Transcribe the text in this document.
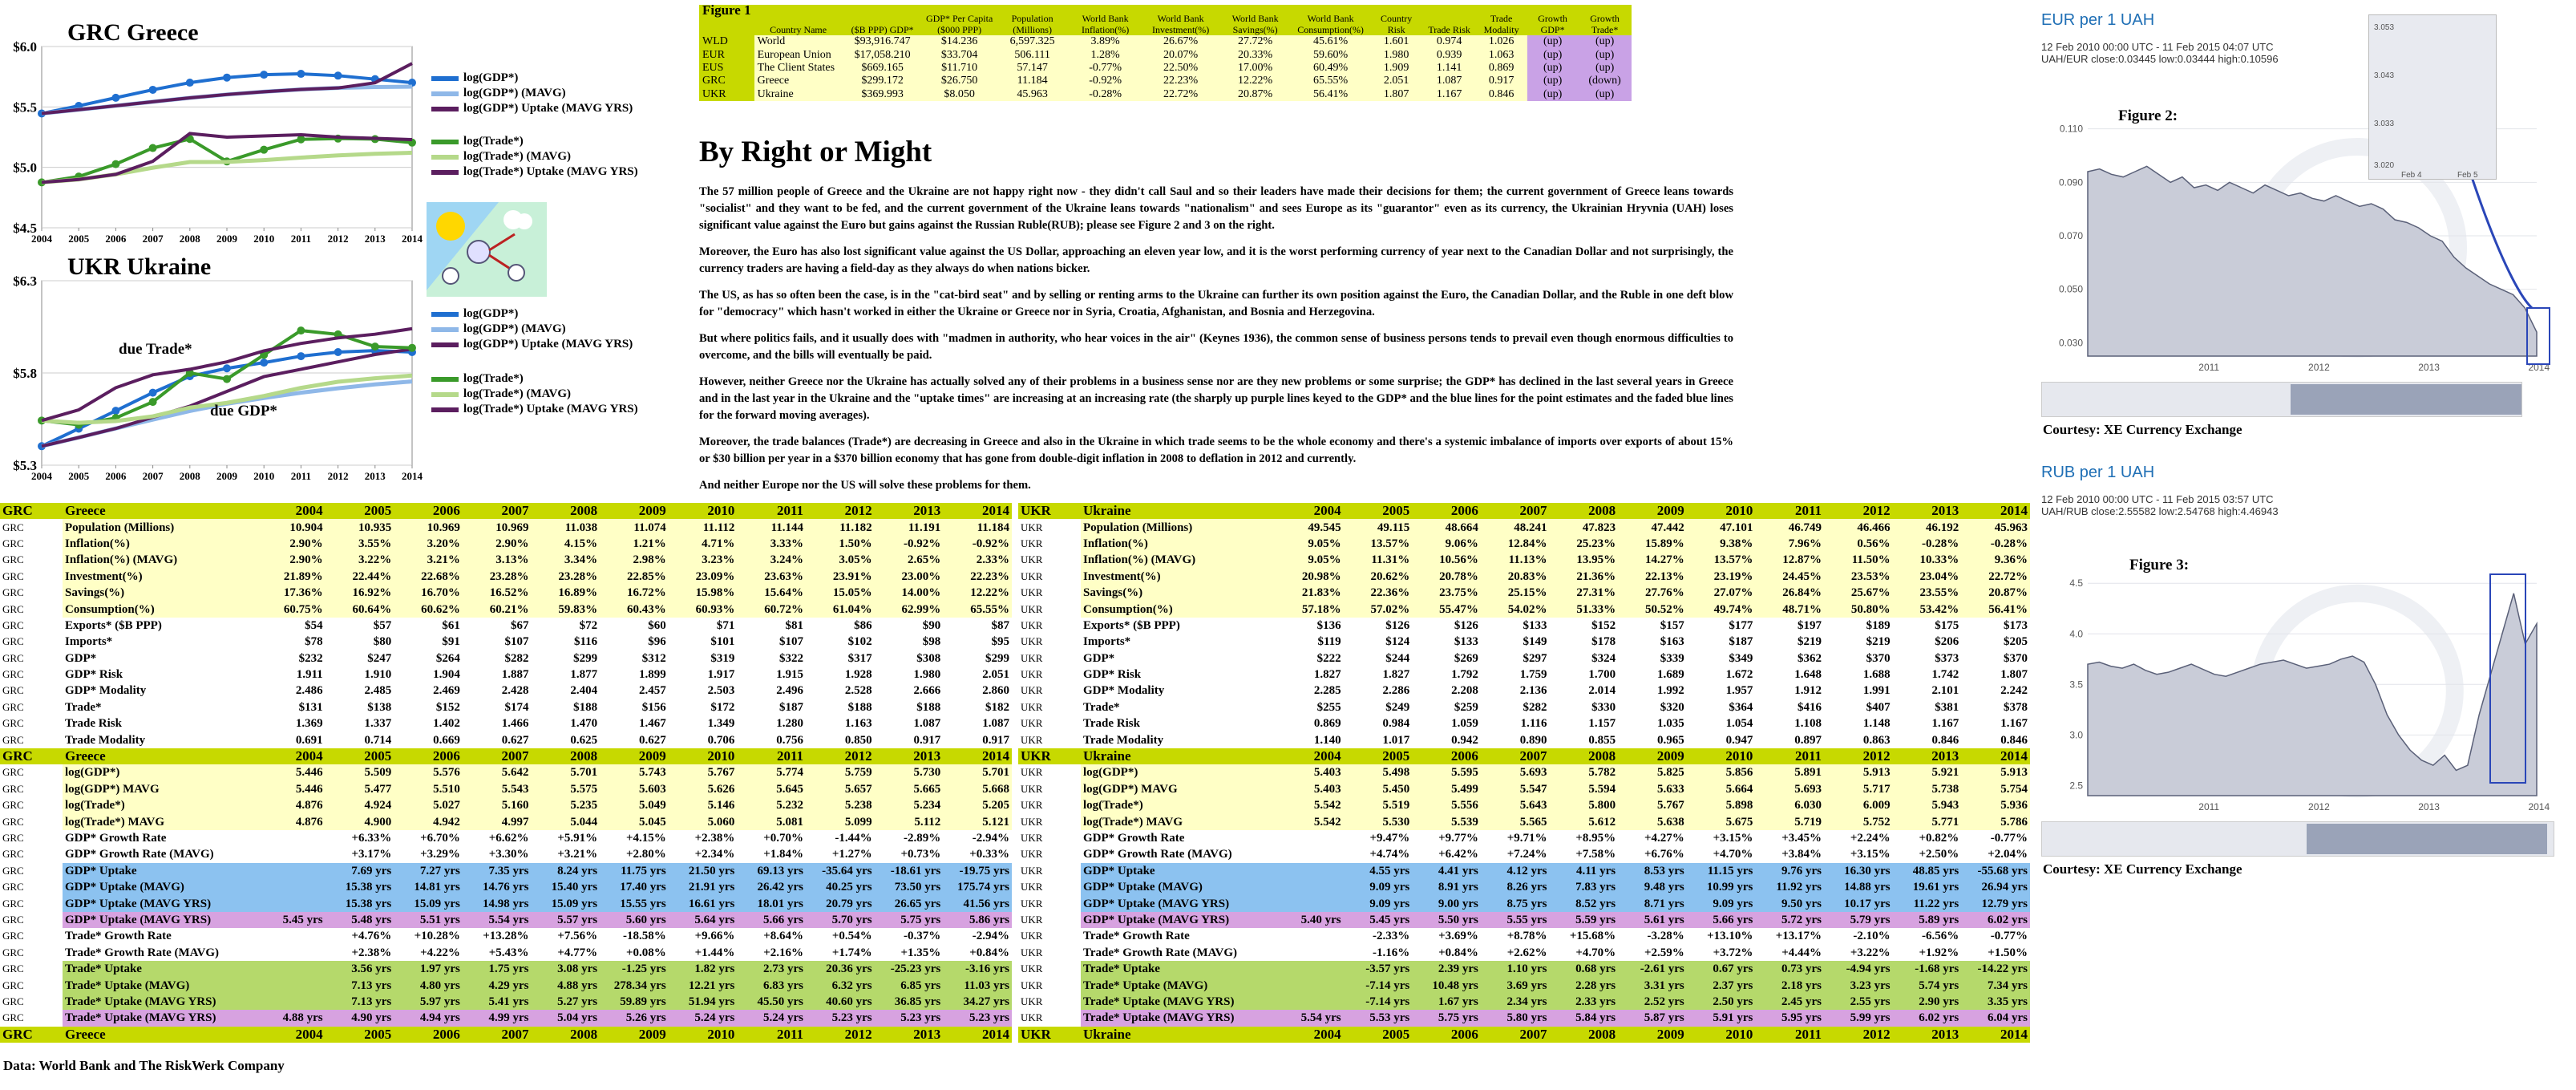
GRC Greece
$6.0
$5.5
$5.0
$4.5
2004 2005 2006 2007 2008 2009 2010 2011 2012 2013 2014
log(GDP*)
log(GDP*) (MAVG)
log(GDP*) Uptake (MAVG YRS)
log(Trade*)
log(Trade*) (MAVG)
log(Trade*) Uptake (MAVG YRS)
UKR Ukraine
$6.3
$5.8
$5.3
2004 2005 2006 2007 2008 2009 2010 2011 2012 2013 2014
due Trade*
due GDP*
log(GDP*)
log(GDP*) (MAVG)
log(GDP*) Uptake (MAVG YRS)
log(Trade*)
log(Trade*) (MAVG)
log(Trade*) Uptake (MAVG YRS)
Figure 1	Country Name	($B PPP) GDP*	GDP* Per Capita ($000 PPP)	Population (Millions)	World Bank Inflation(%)	World Bank Investment(%)	World Bank Savings(%)	World Bank Consumption(%)	Country Risk	Trade Risk	Trade Modality	Growth GDP*	Growth Trade*
WLD	World	$93,916.747	$14.236	6,597.325	3.89%	26.67%	27.72%	45.61%	1.601	0.974	1.026	(up)	(up)
EUR	European Union	$17,058.210	$33.704	506.111	1.28%	20.07%	20.33%	59.60%	1.980	0.939	1.063	(up)	(up)
EUS	The Client States	$669.165	$11.710	57.147	-0.77%	22.50%	17.00%	60.49%	1.909	1.141	0.869	(up)	(up)
GRC	Greece	$299.172	$26.750	11.184	-0.92%	22.23%	12.22%	65.55%	2.051	1.087	0.917	(up)	(down)
UKR	Ukraine	$369.993	$8.050	45.963	-0.28%	22.72%	20.87%	56.41%	1.807	1.167	0.846	(up)	(up)
By Right or Might

The 57 million people of Greece and the Ukraine are not happy right now - they didn't call Saul and so their leaders have made their decisions for them; the current government of Greece leans towards "socialist" and they want to be fed, and the current government of the Ukraine leans towards "nationalism" and sees Europe as its "guarantor" even as its currency, the Ukrainian Hryvnia (UAH) loses significant value against the Euro but gains against the Russian Ruble(RUB); please see Figure 2 and 3 on the right.

Moreover, the Euro has also lost significant value against the US Dollar, approaching an eleven year low, and it is the worst performing currency of year next to the Canadian Dollar and not surprisingly, the currency traders are having a field-day as they always do when nations bicker.

The US, as has so often been the case, is in the "cat-bird seat" and by selling or renting arms to the Ukraine can further its own position against the Euro, the Canadian Dollar, and the Ruble in one deft blow for "democracy" which hasn't worked in either the Ukraine or Greece nor in Syria, Croatia, Afghanistan, and Bosnia and Herzegovina.

But where politics fails, and it usually does with "madmen in authority, who hear voices in the air" (Keynes 1936), the common sense of business persons tends to prevail even though enormous difficulties to overcome, and the bills will eventually be paid.

However, neither Greece nor the Ukraine has actually solved any of their problems in a business sense nor are they new problems or some surprise; the GDP* has declined in the last several years in Greece and in the last year in the Ukraine and the "uptake times" are increasing at an increasing rate (the sharply up purple lines keyed to the GDP* and the blue lines for the point estimates and the faded blue lines for the forward moving averages).

Moreover, the trade balances (Trade*) are decreasing in Greece and also in the Ukraine in which trade seems to be the whole economy and there's a systemic imbalance of imports over exports of about 15% or $30 billion per year in a $370 billion economy that has gone from double-digit inflation in 2008 to deflation in 2012 and currently.

And neither Europe nor the US will solve these problems for them.

GRC	Greece	2004	2005	2006	2007	2008	2009	2010	2011	2012	2013	2014
GRC	Population (Millions)	10.904	10.935	10.969	10.969	11.038	11.074	11.112	11.144	11.182	11.191	11.184
GRC	Inflation(%)	2.90%	3.55%	3.20%	2.90%	4.15%	1.21%	4.71%	3.33%	1.50%	-0.92%	-0.92%
GRC	Inflation(%) (MAVG)	2.90%	3.22%	3.21%	3.13%	3.34%	2.98%	3.23%	3.24%	3.05%	2.65%	2.33%
GRC	Investment(%)	21.89%	22.44%	22.68%	23.28%	23.28%	22.85%	23.09%	23.63%	23.91%	23.00%	22.23%
GRC	Savings(%)	17.36%	16.92%	16.70%	16.52%	16.89%	16.72%	15.98%	15.64%	15.05%	14.00%	12.22%
GRC	Consumption(%)	60.75%	60.64%	60.62%	60.21%	59.83%	60.43%	60.93%	60.72%	61.04%	62.99%	65.55%
GRC	Exports* ($B PPP)	$54	$57	$61	$67	$72	$60	$71	$81	$86	$90	$87
GRC	Imports*	$78	$80	$91	$107	$116	$96	$101	$107	$102	$98	$95
GRC	GDP*	$232	$247	$264	$282	$299	$312	$319	$322	$317	$308	$299
GRC	GDP* Risk	1.911	1.910	1.904	1.887	1.877	1.899	1.917	1.915	1.928	1.980	2.051
GRC	GDP* Modality	2.486	2.485	2.469	2.428	2.404	2.457	2.503	2.496	2.528	2.666	2.860
GRC	Trade*	$131	$138	$152	$174	$188	$156	$172	$187	$188	$188	$182
GRC	Trade Risk	1.369	1.337	1.402	1.466	1.470	1.467	1.349	1.280	1.163	1.087	1.087
GRC	Trade Modality	0.691	0.714	0.669	0.627	0.625	0.627	0.706	0.756	0.850	0.917	0.917
GRC	Greece	2004	2005	2006	2007	2008	2009	2010	2011	2012	2013	2014
GRC	log(GDP*)	5.446	5.509	5.576	5.642	5.701	5.743	5.767	5.774	5.759	5.730	5.701
GRC	log(GDP*) MAVG	5.446	5.477	5.510	5.543	5.575	5.603	5.626	5.645	5.657	5.665	5.668
GRC	log(Trade*)	4.876	4.924	5.027	5.160	5.235	5.049	5.146	5.232	5.238	5.234	5.205
GRC	log(Trade*) MAVG	4.876	4.900	4.942	4.997	5.044	5.045	5.060	5.081	5.099	5.112	5.121
GRC	GDP* Growth Rate		+6.33%	+6.70%	+6.62%	+5.91%	+4.15%	+2.38%	+0.70%	-1.44%	-2.89%	-2.94%
GRC	GDP* Growth Rate (MAVG)		+3.17%	+3.29%	+3.30%	+3.21%	+2.80%	+2.34%	+1.84%	+1.27%	+0.73%	+0.33%
GRC	GDP* Uptake		7.69 yrs	7.27 yrs	7.35 yrs	8.24 yrs	11.75 yrs	21.50 yrs	69.13 yrs	-35.64 yrs	-18.61 yrs	-19.75 yrs
GRC	GDP* Uptake (MAVG)		15.38 yrs	14.81 yrs	14.76 yrs	15.40 yrs	17.40 yrs	21.91 yrs	26.42 yrs	40.25 yrs	73.50 yrs	175.74 yrs
GRC	GDP* Uptake (MAVG YRS)		15.38 yrs	15.09 yrs	14.98 yrs	15.09 yrs	15.55 yrs	16.61 yrs	18.01 yrs	20.79 yrs	26.65 yrs	41.56 yrs
GRC	GDP* Uptake (MAVG YRS)	5.45 yrs	5.48 yrs	5.51 yrs	5.54 yrs	5.57 yrs	5.60 yrs	5.64 yrs	5.66 yrs	5.70 yrs	5.75 yrs	5.86 yrs
GRC	Trade* Growth Rate		+4.76%	+10.28%	+13.28%	+7.56%	-18.58%	+9.66%	+8.64%	+0.54%	-0.37%	-2.94%
GRC	Trade* Growth Rate (MAVG)		+2.38%	+4.22%	+5.43%	+4.77%	+0.08%	+1.44%	+2.16%	+1.74%	+1.35%	+0.84%
GRC	Trade* Uptake		3.56 yrs	1.97 yrs	1.75 yrs	3.08 yrs	-1.25 yrs	1.82 yrs	2.73 yrs	20.36 yrs	-25.23 yrs	-3.16 yrs
GRC	Trade* Uptake (MAVG)		7.13 yrs	4.80 yrs	4.29 yrs	4.88 yrs	278.34 yrs	12.21 yrs	6.83 yrs	6.32 yrs	6.85 yrs	11.03 yrs
GRC	Trade* Uptake (MAVG YRS)		7.13 yrs	5.97 yrs	5.41 yrs	5.27 yrs	59.89 yrs	51.94 yrs	45.50 yrs	40.60 yrs	36.85 yrs	34.27 yrs
GRC	Trade* Uptake (MAVG YRS)	4.88 yrs	4.90 yrs	4.94 yrs	4.99 yrs	5.04 yrs	5.26 yrs	5.24 yrs	5.24 yrs	5.23 yrs	5.23 yrs	5.23 yrs
GRC	Greece	2004	2005	2006	2007	2008	2009	2010	2011	2012	2013	2014
UKR	Ukraine	2004	2005	2006	2007	2008	2009	2010	2011	2012	2013	2014
UKR	Population (Millions)	49.545	49.115	48.664	48.241	47.823	47.442	47.101	46.749	46.466	46.192	45.963
UKR	Inflation(%)	9.05%	13.57%	9.06%	12.84%	25.23%	15.89%	9.38%	7.96%	0.56%	-0.28%	-0.28%
UKR	Inflation(%) (MAVG)	9.05%	11.31%	10.56%	11.13%	13.95%	14.27%	13.57%	12.87%	11.50%	10.33%	9.36%
UKR	Investment(%)	20.98%	20.62%	20.78%	20.83%	21.36%	22.13%	23.19%	24.45%	23.53%	23.04%	22.72%
UKR	Savings(%)	21.83%	22.36%	23.75%	25.15%	27.31%	27.76%	27.07%	26.84%	25.67%	23.55%	20.87%
UKR	Consumption(%)	57.18%	57.02%	55.47%	54.02%	51.33%	50.52%	49.74%	48.71%	50.80%	53.42%	56.41%
UKR	Exports* ($B PPP)	$136	$126	$126	$133	$152	$157	$177	$197	$189	$175	$173
UKR	Imports*	$119	$124	$133	$149	$178	$163	$187	$219	$219	$206	$205
UKR	GDP*	$222	$244	$269	$297	$324	$339	$349	$362	$370	$373	$370
UKR	GDP* Risk	1.827	1.827	1.792	1.759	1.700	1.689	1.672	1.648	1.688	1.742	1.807
UKR	GDP* Modality	2.285	2.286	2.208	2.136	2.014	1.992	1.957	1.912	1.991	2.101	2.242
UKR	Trade*	$255	$249	$259	$282	$330	$320	$364	$416	$407	$381	$378
UKR	Trade Risk	0.869	0.984	1.059	1.116	1.157	1.035	1.054	1.108	1.148	1.167	1.167
UKR	Trade Modality	1.140	1.017	0.942	0.890	0.855	0.965	0.947	0.897	0.863	0.846	0.846
UKR	Ukraine	2004	2005	2006	2007	2008	2009	2010	2011	2012	2013	2014
UKR	log(GDP*)	5.403	5.498	5.595	5.693	5.782	5.825	5.856	5.891	5.913	5.921	5.913
UKR	log(GDP*) MAVG	5.403	5.450	5.499	5.547	5.594	5.633	5.664	5.693	5.717	5.738	5.754
UKR	log(Trade*)	5.542	5.519	5.556	5.643	5.800	5.767	5.898	6.030	6.009	5.943	5.936
UKR	log(Trade*) MAVG	5.542	5.530	5.539	5.565	5.612	5.638	5.675	5.719	5.752	5.771	5.786
UKR	GDP* Growth Rate		+9.47%	+9.77%	+9.71%	+8.95%	+4.27%	+3.15%	+3.45%	+2.24%	+0.82%	-0.77%
UKR	GDP* Growth Rate (MAVG)		+4.74%	+6.42%	+7.24%	+7.58%	+6.76%	+4.70%	+3.84%	+3.15%	+2.50%	+2.04%
UKR	GDP* Uptake		4.55 yrs	4.41 yrs	4.12 yrs	4.11 yrs	8.53 yrs	11.15 yrs	9.76 yrs	16.30 yrs	48.85 yrs	-55.68 yrs
UKR	GDP* Uptake (MAVG)		9.09 yrs	8.91 yrs	8.26 yrs	7.83 yrs	9.48 yrs	10.99 yrs	11.92 yrs	14.88 yrs	19.61 yrs	26.94 yrs
UKR	GDP* Uptake (MAVG YRS)		9.09 yrs	9.00 yrs	8.75 yrs	8.52 yrs	8.71 yrs	9.09 yrs	9.50 yrs	10.17 yrs	11.22 yrs	12.79 yrs
UKR	GDP* Uptake (MAVG YRS)	5.40 yrs	5.45 yrs	5.50 yrs	5.55 yrs	5.59 yrs	5.61 yrs	5.66 yrs	5.72 yrs	5.79 yrs	5.89 yrs	6.02 yrs
UKR	Trade* Growth Rate		-2.33%	+3.69%	+8.78%	+15.68%	-3.28%	+13.10%	+13.17%	-2.10%	-6.56%	-0.77%
UKR	Trade* Growth Rate (MAVG)		-1.16%	+0.84%	+2.62%	+4.70%	+2.59%	+3.72%	+4.44%	+3.22%	+1.92%	+1.50%
UKR	Trade* Uptake		-3.57 yrs	2.39 yrs	1.10 yrs	0.68 yrs	-2.61 yrs	0.67 yrs	0.73 yrs	-4.94 yrs	-1.68 yrs	-14.22 yrs
UKR	Trade* Uptake (MAVG)		-7.14 yrs	10.48 yrs	3.69 yrs	2.28 yrs	3.31 yrs	2.37 yrs	2.18 yrs	3.23 yrs	5.74 yrs	7.34 yrs
UKR	Trade* Uptake (MAVG YRS)		-7.14 yrs	1.67 yrs	2.34 yrs	2.33 yrs	2.52 yrs	2.50 yrs	2.45 yrs	2.55 yrs	2.90 yrs	3.35 yrs
UKR	Trade* Uptake (MAVG YRS)	5.54 yrs	5.53 yrs	5.75 yrs	5.80 yrs	5.84 yrs	5.87 yrs	5.91 yrs	5.95 yrs	5.99 yrs	6.02 yrs	6.04 yrs
UKR	Ukraine	2004	2005	2006	2007	2008	2009	2010	2011	2012	2013	2014
Data: World Bank and The RiskWerk Company
EUR per 1 UAH
12 Feb 2010 00:00 UTC - 11 Feb 2015 04:07 UTC
UAH/EUR close:0.03445 low:0.03444 high:0.10596
0.110
0.090
0.070
0.050
0.030
2011	2012	2013	2014
Figure 2:
3.053
3.043
3.033
3.020
Feb 4	Feb 5
Courtesy: XE Currency Exchange
RUB per 1 UAH
12 Feb 2010 00:00 UTC - 11 Feb 2015 03:57 UTC
UAH/RUB close:2.55582 low:2.54768 high:4.46943
4.5
4.0
3.5
3.0
2.5
2011	2012	2013	2014
Figure 3:
Courtesy: XE Currency Exchange
